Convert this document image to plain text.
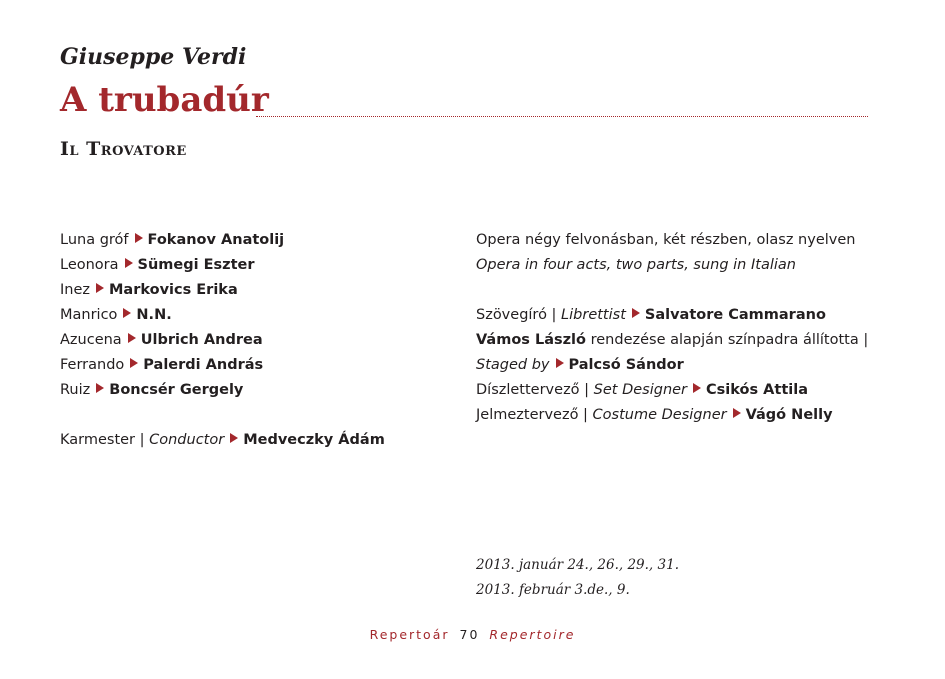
Giuseppe Verdi
A trubadúr
Il Trovatore
Luna gróf Fokanov Anatolij
Leonora Sümegi Eszter
Inez Markovics Erika
Manrico N.N.
Azucena Ulbrich Andrea
Ferrando Palerdi András
Ruiz Boncsér Gergely
Karmester | Conductor Medveczky Ádám
Opera négy felvonásban, két részben, olasz nyelven
Opera in four acts, two parts, sung in Italian
Szövegíró | Librettist Salvatore Cammarano
Vámos László rendezése alapján színpadra állította |
Staged by Palcsó Sándor
Díszlettervező | Set Designer Csikós Attila
Jelmeztervező | Costume Designer Vágó Nelly
2013. január 24., 26., 29., 31.
2013. február 3.de., 9.
Repertoár 70 Repertoire
